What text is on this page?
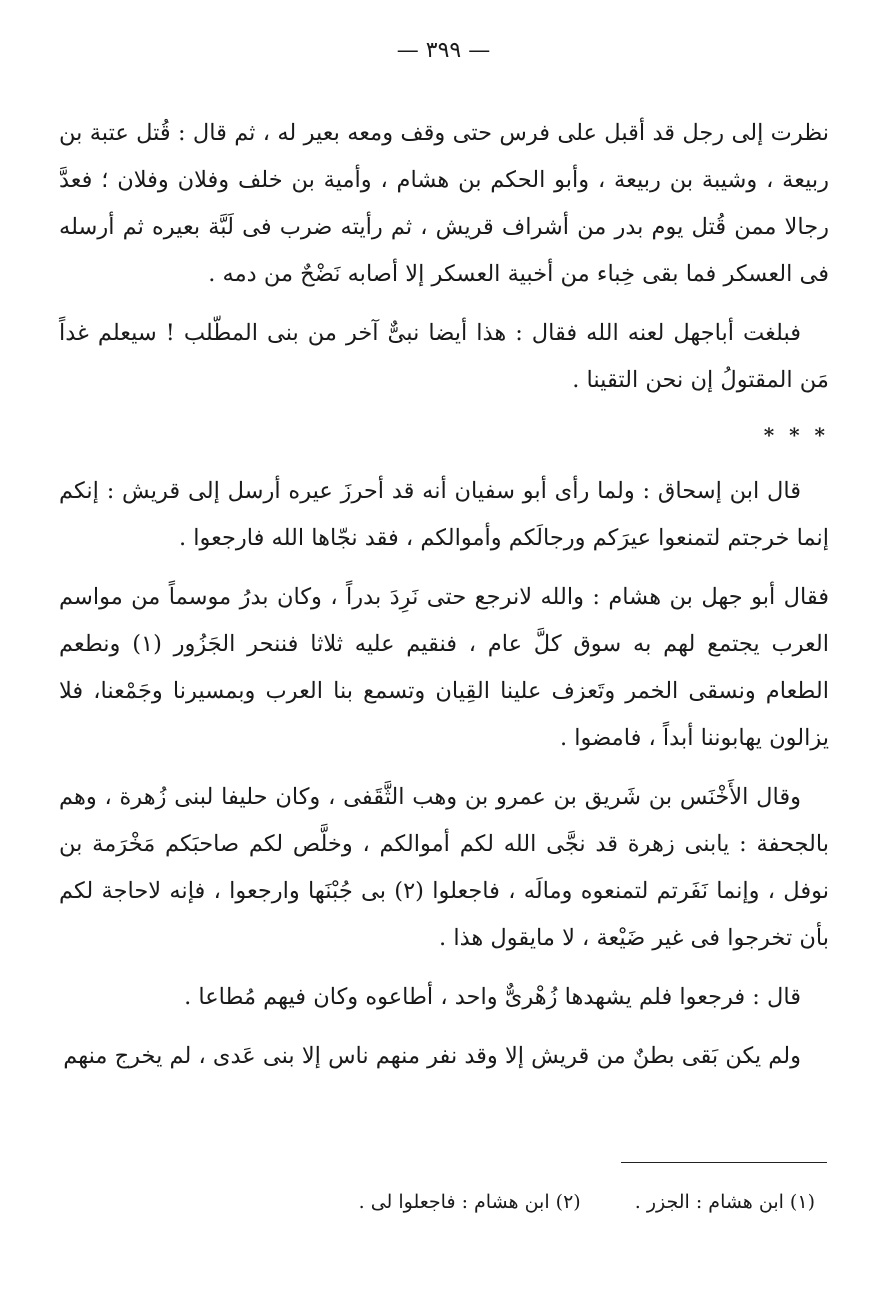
— ٣٩٩ —

نظرت إلى رجل قد أقبل على فرس حتى وقف ومعه بعير له ، ثم قال : قُتل عتبة بن ربيعة ، وشيبة بن ربيعة ، وأبو الحكم بن هشام ، وأمية بن خلف وفلان وفلان ؛ فعدَّ رجالا ممن قُتل يوم بدر من أشراف قريش ، ثم رأيته ضرب فى لَبَّة بعيره ثم أرسله فى العسكر فما بقى خِباء من أخبية العسكر إلا أصابه نَضْحٌ من دمه .

فبلغت أباجهل لعنه الله فقال : هذا أيضا نبىٌّ آخر من بنى المطّلب ! سيعلم غداً مَن المقتولُ إن نحن التقينا .

* * *

قال ابن إسحاق : ولما رأى أبو سفيان أنه قد أحرزَ عيره أرسل إلى قريش : إنكم إنما خرجتم لتمنعوا عيرَكم ورجالَكم وأموالكم ، فقد نجّاها الله فارجعوا .

فقال أبو جهل بن هشام : والله لانرجع حتى نَرِدَ بدراً ، وكان بدرُ موسماً من مواسم العرب يجتمع لهم به سوق كلَّ عام ، فنقيم عليه ثلاثا فننحر الجَزُور (١) ونطعم الطعام ونسقى الخمر وتَعزف علينا القِيان وتسمع بنا العرب وبمسيرنا وجَمْعنا، فلا يزالون يهابوننا أبداً ، فامضوا .

وقال الأَخْنَس بن شَريق بن عمرو بن وهب الثَّقَفى ، وكان حليفا لبنى زُهرة ، وهم بالجحفة : يابنى زهرة قد نجَّى الله لكم أموالكم ، وخلَّص لكم صاحبَكم مَخْرَمة بن نوفل ، وإنما نَفَرتم لتمنعوه ومالَه ، فاجعلوا (٢) بى جُبْنَها وارجعوا ، فإنه لاحاجة لكم بأن تخرجوا فى غير ضَيْعة ، لا مايقول هذا .

قال : فرجعوا فلم يشهدها زُهْرىٌّ واحد ، أطاعوه وكان فيهم مُطاعا .

ولم يكن بَقى بطنٌ من قريش إلا وقد نفر منهم ناس إلا بنى عَدى ، لم يخرج منهم

(١) ابن هشام : الجزر . (٢) ابن هشام : فاجعلوا لى .
